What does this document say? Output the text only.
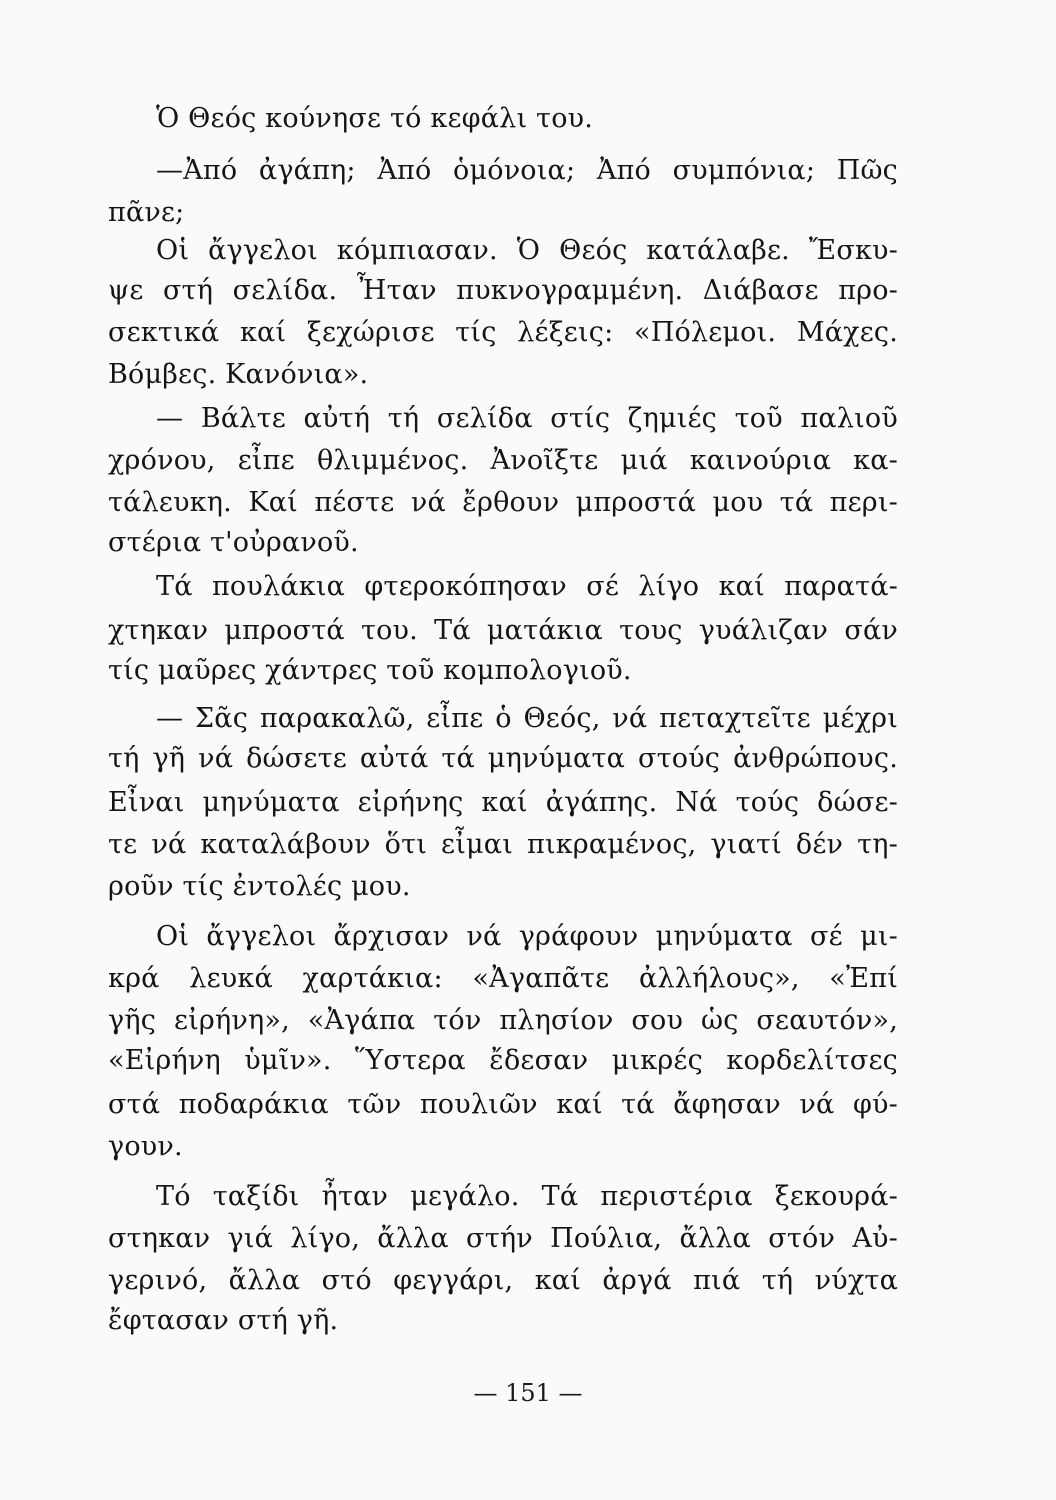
Ὁ Θεός κούνησε τό κεφάλι του.
—Ἀπό ἀγάπη; Ἀπό ὁμόνοια; Ἀπό συμπόνια; Πῶς
πᾶνε;
Οἱ ἄγγελοι κόμπιασαν. Ὁ Θεός κατάλαβε. Ἔσκυ-
ψε στή σελίδα. Ἦταν πυκνογραμμένη. Διάβασε προ-
σεκτικά καί ξεχώρισε τίς λέξεις: «Πόλεμοι. Μάχες.
Βόμβες. Κανόνια».
— Βάλτε αὐτή τή σελίδα στίς ζημιές τοῦ παλιοῦ
χρόνου, εἶπε θλιμμένος. Ἀνοῖξτε μιά καινούρια κα-
τάλευκη. Καί πέστε νά ἔρθουν μπροστά μου τά περι-
στέρια τ'οὐρανοῦ.
Τά πουλάκια φτεροκόπησαν σέ λίγο καί παρατά-
χτηκαν μπροστά του. Τά ματάκια τους γυάλιζαν σάν
τίς μαῦρες χάντρες τοῦ κομπολογιοῦ.
— Σᾶς παρακαλῶ, εἶπε ὁ Θεός, νά πεταχτεῖτε μέχρι
τή γῆ νά δώσετε αὐτά τά μηνύματα στούς ἀνθρώπους.
Εἶναι μηνύματα εἰρήνης καί ἀγάπης. Νά τούς δώσε-
τε νά καταλάβουν ὅτι εἶμαι πικραμένος, γιατί δέν τη-
ροῦν τίς ἐντολές μου.
Οἱ ἄγγελοι ἄρχισαν νά γράφουν μηνύματα σέ μι-
κρά λευκά χαρτάκια: «Ἀγαπᾶτε ἀλλήλους», «Ἐπί
γῆς εἰρήνη», «Ἀγάπα τόν πλησίον σου ὡς σεαυτόν»,
«Εἰρήνη ὑμῖν». Ὕστερα ἔδεσαν μικρές κορδελίτσες
στά ποδαράκια τῶν πουλιῶν καί τά ἄφησαν νά φύ-
γουν.
Τό ταξίδι ἦταν μεγάλο. Τά περιστέρια ξεκουρά-
στηκαν γιά λίγο, ἄλλα στήν Πούλια, ἄλλα στόν Αὐ-
γερινό, ἄλλα στό φεγγάρι, καί ἀργά πιά τή νύχτα
ἔφτασαν στή γῆ.
— 151 —
